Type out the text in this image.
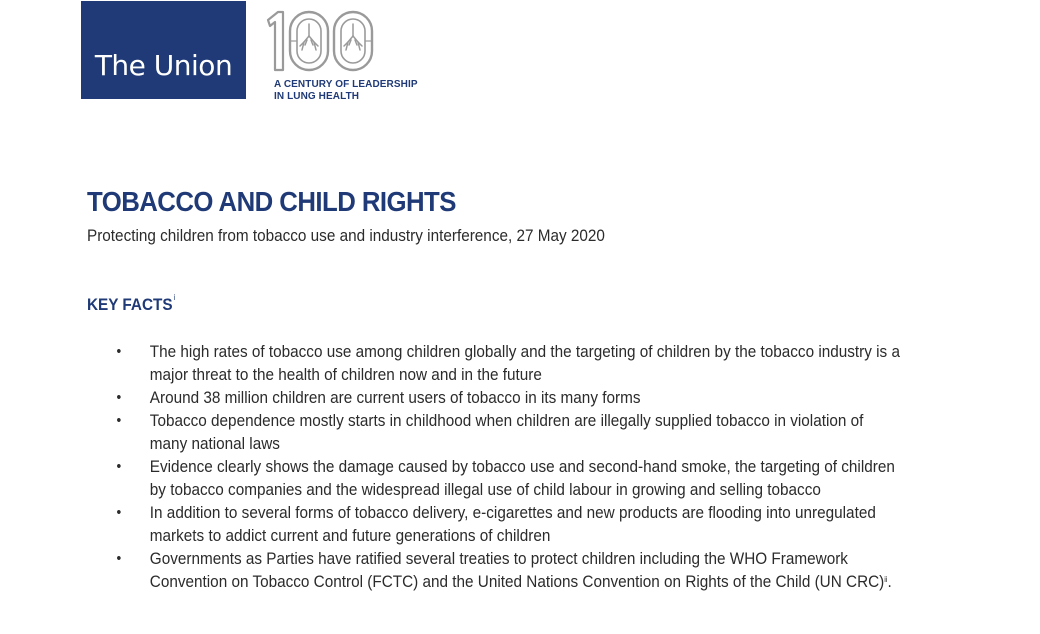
The Union
A CENTURY OF LEADERSHIP
IN LUNG HEALTH
TOBACCO AND CHILD RIGHTS
Protecting children from tobacco use and industry interference, 27 May 2020
KEY FACTS$^i$
• The high rates of tobacco use among children globally and the targeting of children by the tobacco industry is a major threat to the health of children now and in the future
• Around 38 million children are current users of tobacco in its many forms
• Tobacco dependence mostly starts in childhood when children are illegally supplied tobacco in violation of many national laws
• Evidence clearly shows the damage caused by tobacco use and second-hand smoke, the targeting of children by tobacco companies and the widespread illegal use of child labour in growing and selling tobacco
• In addition to several forms of tobacco delivery, e-cigarettes and new products are flooding into unregulated markets to addict current and future generations of children
• Governments as Parties have ratified several treaties to protect children including the WHO Framework Convention on Tobacco Control (FCTC) and the United Nations Convention on Rights of the Child (UN CRC)$^{ii}$.
